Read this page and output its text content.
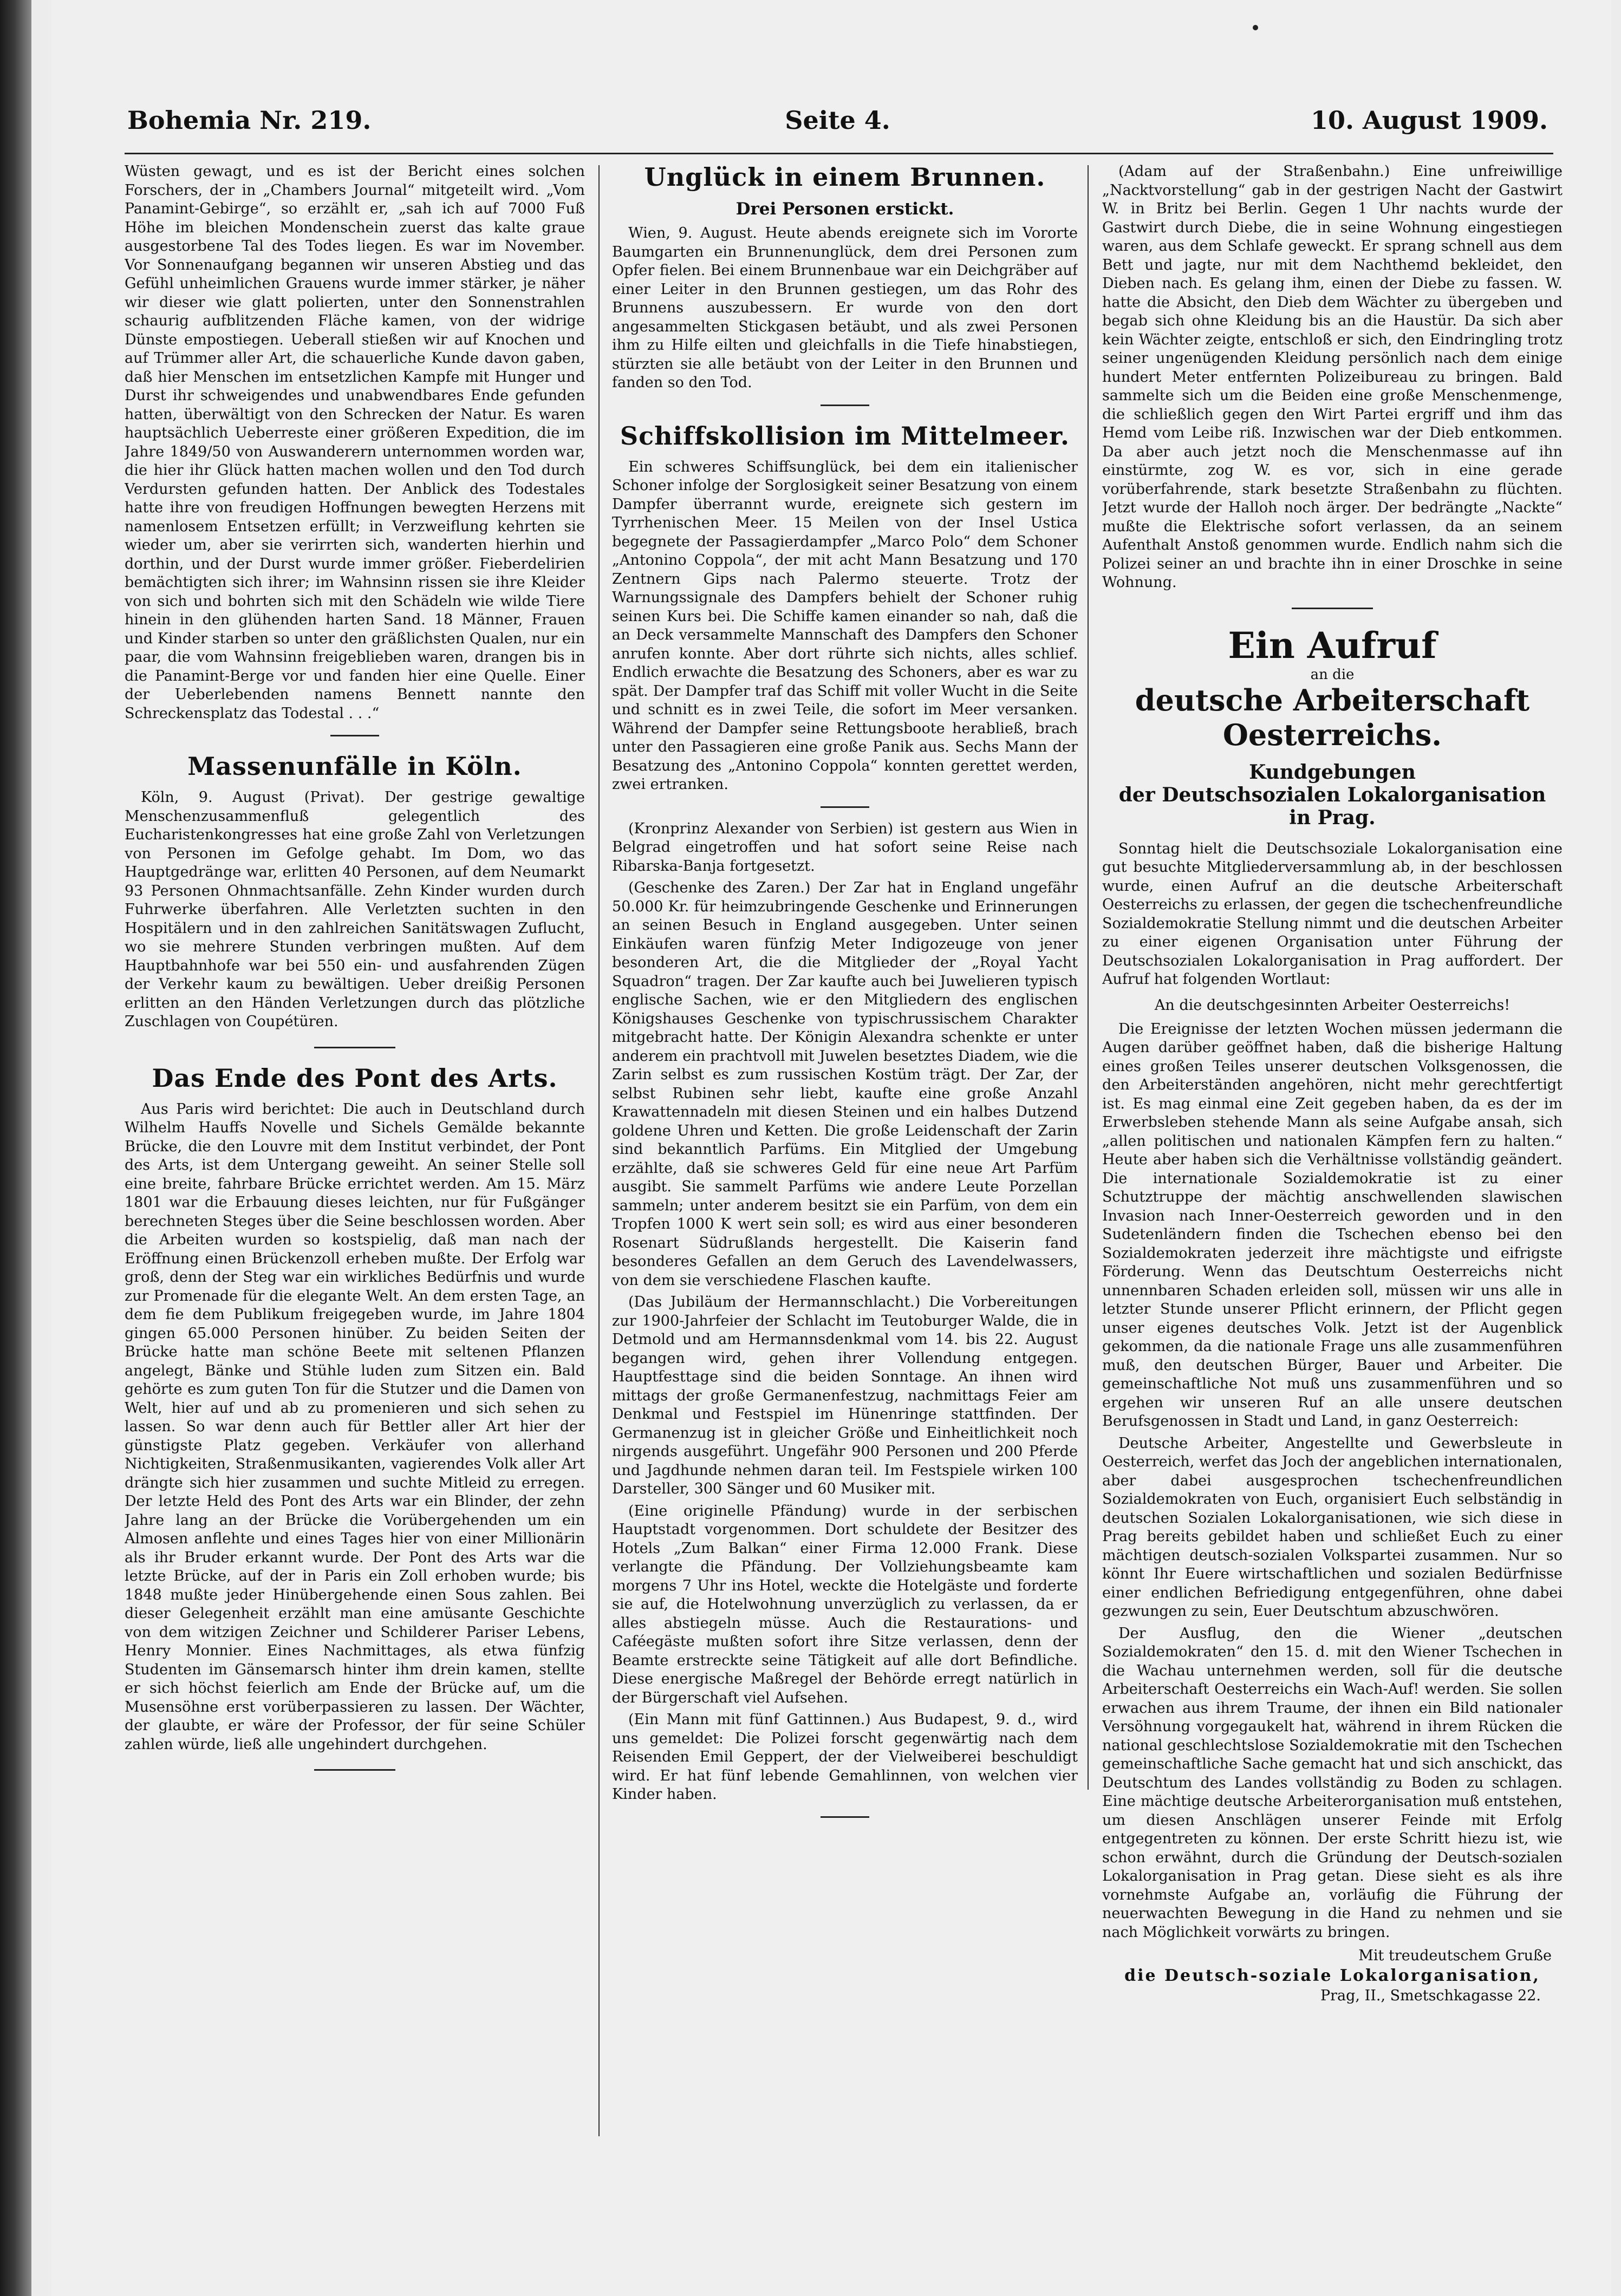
Bohemia Nr. 219.	Seite 4.	10. August 1909.

Wüsten gewagt, und es ist der Bericht eines solchen Forschers, der in „Chambers Journal“ mitgeteilt wird. „Vom Panamint-Gebirge“, so erzählt er, „sah ich auf 7000 Fuß Höhe im bleichen Mondenschein zuerst das kalte graue ausgestorbene Tal des Todes liegen. Es war im November. Vor Sonnenaufgang begannen wir unseren Abstieg und das Gefühl unheimlichen Grauens wurde immer stärker, je näher wir dieser wie glatt polierten, unter den Sonnenstrahlen schaurig aufblitzenden Fläche kamen, von der widrige Dünste empostiegen. Ueberall stießen wir auf Knochen und auf Trümmer aller Art, die schauerliche Kunde davon gaben, daß hier Menschen im entsetzlichen Kampfe mit Hunger und Durst ihr schweigendes und unabwendbares Ende gefunden hatten, überwältigt von den Schrecken der Natur. Es waren hauptsächlich Ueberreste einer größeren Expedition, die im Jahre 1849/50 von Auswanderern unternommen worden war, die hier ihr Glück hatten machen wollen und den Tod durch Verdursten gefunden hatten. Der Anblick des Todestales hatte ihre von freudigen Hoffnungen bewegten Herzens mit namenlosem Entsetzen erfüllt; in Verzweiflung kehrten sie wieder um, aber sie verirrten sich, wanderten hierhin und dorthin, und der Durst wurde immer größer. Fieberdelirien bemächtigten sich ihrer; im Wahnsinn rissen sie ihre Kleider von sich und bohrten sich mit den Schädeln wie wilde Tiere hinein in den glühenden harten Sand. 18 Männer, Frauen und Kinder starben so unter den gräßlichsten Qualen, nur ein paar, die vom Wahnsinn freigeblieben waren, drangen bis in die Panamint-Berge vor und fanden hier eine Quelle. Einer der Ueberlebenden namens Bennett nannte den Schreckensplatz das Todestal . . .“

Massenunfälle in Köln.

Köln, 9. August (Privat). Der gestrige gewaltige Menschenzusammenfluß gelegentlich des Eucharistenkongresses hat eine große Zahl von Verletzungen von Personen im Gefolge gehabt. Im Dom, wo das Hauptgedränge war, erlitten 40 Personen, auf dem Neumarkt 93 Personen Ohnmachtsanfälle. Zehn Kinder wurden durch Fuhrwerke überfahren. Alle Verletzten suchten in den Hospitälern und in den zahlreichen Sanitätswagen Zuflucht, wo sie mehrere Stunden verbringen mußten. Auf dem Hauptbahnhofe war bei 550 ein- und ausfahrenden Zügen der Verkehr kaum zu bewältigen. Ueber dreißig Personen erlitten an den Händen Verletzungen durch das plötzliche Zuschlagen von Coupétüren.

Das Ende des Pont des Arts.

Aus Paris wird berichtet: Die auch in Deutschland durch Wilhelm Hauffs Novelle und Sichels Gemälde bekannte Brücke, die den Louvre mit dem Institut verbindet, der Pont des Arts, ist dem Untergang geweiht. An seiner Stelle soll eine breite, fahrbare Brücke errichtet werden. Am 15. März 1801 war die Erbauung dieses leichten, nur für Fußgänger berechneten Steges über die Seine beschlossen worden. Aber die Arbeiten wurden so kostspielig, daß man nach der Eröffnung einen Brückenzoll erheben mußte. Der Erfolg war groß, denn der Steg war ein wirkliches Bedürfnis und wurde zur Promenade für die elegante Welt. An dem ersten Tage, an dem fie dem Publikum freigegeben wurde, im Jahre 1804 gingen 65.000 Personen hinüber. Zu beiden Seiten der Brücke hatte man schöne Beete mit seltenen Pflanzen angelegt, Bänke und Stühle luden zum Sitzen ein. Bald gehörte es zum guten Ton für die Stutzer und die Damen von Welt, hier auf und ab zu promenieren und sich sehen zu lassen. So war denn auch für Bettler aller Art hier der günstigste Platz gegeben. Verkäufer von allerhand Nichtigkeiten, Straßenmusikanten, vagierendes Volk aller Art drängte sich hier zusammen und suchte Mitleid zu erregen. Der letzte Held des Pont des Arts war ein Blinder, der zehn Jahre lang an der Brücke die Vorübergehenden um ein Almosen anflehte und eines Tages hier von einer Millionärin als ihr Bruder erkannt wurde. Der Pont des Arts war die letzte Brücke, auf der in Paris ein Zoll erhoben wurde; bis 1848 mußte jeder Hinübergehende einen Sous zahlen. Bei dieser Gelegenheit erzählt man eine amüsante Geschichte von dem witzigen Zeichner und Schilderer Pariser Lebens, Henry Monnier. Eines Nachmittages, als etwa fünfzig Studenten im Gänsemarsch hinter ihm drein kamen, stellte er sich höchst feierlich am Ende der Brücke auf, um die Musensöhne erst vorüberpassieren zu lassen. Der Wächter, der glaubte, er wäre der Professor, der für seine Schüler zahlen würde, ließ alle ungehindert durchgehen.

Unglück in einem Brunnen.
Drei Personen erstickt.

Wien, 9. August. Heute abends ereignete sich im Vororte Baumgarten ein Brunnenunglück, dem drei Personen zum Opfer fielen. Bei einem Brunnenbaue war ein Deichgräber auf einer Leiter in den Brunnen gestiegen, um das Rohr des Brunnens auszubessern. Er wurde von den dort angesammelten Stickgasen betäubt, und als zwei Personen ihm zu Hilfe eilten und gleichfalls in die Tiefe hinabstiegen, stürzten sie alle betäubt von der Leiter in den Brunnen und fanden so den Tod.

Schiffskollision im Mittelmeer.

Ein schweres Schiffsunglück, bei dem ein italienischer Schoner infolge der Sorglosigkeit seiner Besatzung von einem Dampfer überrannt wurde, ereignete sich gestern im Tyrrhenischen Meer. 15 Meilen von der Insel Ustica begegnete der Passagierdampfer „Marco Polo“ dem Schoner „Antonino Coppola“, der mit acht Mann Besatzung und 170 Zentnern Gips nach Palermo steuerte. Trotz der Warnungssignale des Dampfers behielt der Schoner ruhig seinen Kurs bei. Die Schiffe kamen einander so nah, daß die an Deck versammelte Mannschaft des Dampfers den Schoner anrufen konnte. Aber dort rührte sich nichts, alles schlief. Endlich erwachte die Besatzung des Schoners, aber es war zu spät. Der Dampfer traf das Schiff mit voller Wucht in die Seite und schnitt es in zwei Teile, die sofort im Meer versanken. Während der Dampfer seine Rettungsboote herabließ, brach unter den Passagieren eine große Panik aus. Sechs Mann der Besatzung des „Antonino Coppola“ konnten gerettet werden, zwei ertranken.

(Kronprinz Alexander von Serbien) ist gestern aus Wien in Belgrad eingetroffen und hat sofort seine Reise nach Ribarska-Banja fortgesetzt.

(Geschenke des Zaren.) Der Zar hat in England ungefähr 50.000 Kr. für heimzubringende Geschenke und Erinnerungen an seinen Besuch in England ausgegeben. Unter seinen Einkäufen waren fünfzig Meter Indigozeuge von jener besonderen Art, die die Mitglieder der „Royal Yacht Squadron“ tragen. Der Zar kaufte auch bei Juwelieren typisch englische Sachen, wie er den Mitgliedern des englischen Königshauses Geschenke von typischrussischem Charakter mitgebracht hatte. Der Königin Alexandra schenkte er unter anderem ein prachtvoll mit Juwelen besetztes Diadem, wie die Zarin selbst es zum russischen Kostüm trägt. Der Zar, der selbst Rubinen sehr liebt, kaufte eine große Anzahl Krawattennadeln mit diesen Steinen und ein halbes Dutzend goldene Uhren und Ketten. Die große Leidenschaft der Zarin sind bekanntlich Parfüms. Ein Mitglied der Umgebung erzählte, daß sie schweres Geld für eine neue Art Parfüm ausgibt. Sie sammelt Parfüms wie andere Leute Porzellan sammeln; unter anderem besitzt sie ein Parfüm, von dem ein Tropfen 1000 K wert sein soll; es wird aus einer besonderen Rosenart Südrußlands hergestellt. Die Kaiserin fand besonderes Gefallen an dem Geruch des Lavendelwassers, von dem sie verschiedene Flaschen kaufte.

(Das Jubiläum der Hermannschlacht.) Die Vorbereitungen zur 1900-Jahrfeier der Schlacht im Teutoburger Walde, die in Detmold und am Hermannsdenkmal vom 14. bis 22. August begangen wird, gehen ihrer Vollendung entgegen. Hauptfesttage sind die beiden Sonntage. An ihnen wird mittags der große Germanenfestzug, nachmittags Feier am Denkmal und Festspiel im Hünenringe stattfinden. Der Germanenzug ist in gleicher Größe und Einheitlichkeit noch nirgends ausgeführt. Ungefähr 900 Personen und 200 Pferde und Jagdhunde nehmen daran teil. Im Festspiele wirken 100 Darsteller, 300 Sänger und 60 Musiker mit.

(Eine originelle Pfändung) wurde in der serbischen Hauptstadt vorgenommen. Dort schuldete der Besitzer des Hotels „Zum Balkan“ einer Firma 12.000 Frank. Diese verlangte die Pfändung. Der Vollziehungsbeamte kam morgens 7 Uhr ins Hotel, weckte die Hotelgäste und forderte sie auf, die Hotelwohnung unverzüglich zu verlassen, da er alles abstiegeln müsse. Auch die Restaurations- und Caféegäste mußten sofort ihre Sitze verlassen, denn der Beamte erstreckte seine Tätigkeit auf alle dort Befindliche. Diese energische Maßregel der Behörde erregt natürlich in der Bürgerschaft viel Aufsehen.

(Ein Mann mit fünf Gattinnen.) Aus Budapest, 9. d., wird uns gemeldet: Die Polizei forscht gegenwärtig nach dem Reisenden Emil Geppert, der der Vielweiberei beschuldigt wird. Er hat fünf lebende Gemahlinnen, von welchen vier Kinder haben.

(Adam auf der Straßenbahn.) Eine unfreiwillige „Nacktvorstellung“ gab in der gestrigen Nacht der Gastwirt W. in Britz bei Berlin. Gegen 1 Uhr nachts wurde der Gastwirt durch Diebe, die in seine Wohnung eingestiegen waren, aus dem Schlafe geweckt. Er sprang schnell aus dem Bett und jagte, nur mit dem Nachthemd bekleidet, den Dieben nach. Es gelang ihm, einen der Diebe zu fassen. W. hatte die Absicht, den Dieb dem Wächter zu übergeben und begab sich ohne Kleidung bis an die Haustür. Da sich aber kein Wächter zeigte, entschloß er sich, den Eindringling trotz seiner ungenügenden Kleidung persönlich nach dem einige hundert Meter entfernten Polizeibureau zu bringen. Bald sammelte sich um die Beiden eine große Menschenmenge, die schließlich gegen den Wirt Partei ergriff und ihm das Hemd vom Leibe riß. Inzwischen war der Dieb entkommen. Da aber auch jetzt noch die Menschenmasse auf ihn einstürmte, zog W. es vor, sich in eine gerade vorüberfahrende, stark besetzte Straßenbahn zu flüchten. Jetzt wurde der Halloh noch ärger. Der bedrängte „Nackte“ mußte die Elektrische sofort verlassen, da an seinem Aufenthalt Anstoß genommen wurde. Endlich nahm sich die Polizei seiner an und brachte ihn in einer Droschke in seine Wohnung.

Ein Aufruf
an die
deutsche Arbeiterschaft Oesterreichs.
Kundgebungen
der Deutschsozialen Lokalorganisation
in Prag.

Sonntag hielt die Deutschsoziale Lokalorganisation eine gut besuchte Mitgliederversammlung ab, in der beschlossen wurde, einen Aufruf an die deutsche Arbeiterschaft Oesterreichs zu erlassen, der gegen die tschechenfreundliche Sozialdemokratie Stellung nimmt und die deutschen Arbeiter zu einer eigenen Organisation unter Führung der Deutschsozialen Lokalorganisation in Prag auffordert. Der Aufruf hat folgenden Wortlaut:

An die deutschgesinnten Arbeiter Oesterreichs!

Die Ereignisse der letzten Wochen müssen jedermann die Augen darüber geöffnet haben, daß die bisherige Haltung eines großen Teiles unserer deutschen Volksgenossen, die den Arbeiterständen angehören, nicht mehr gerechtfertigt ist. Es mag einmal eine Zeit gegeben haben, da es der im Erwerbsleben stehende Mann als seine Aufgabe ansah, sich „allen politischen und nationalen Kämpfen fern zu halten.“ Heute aber haben sich die Verhältnisse vollständig geändert. Die internationale Sozialdemokratie ist zu einer Schutztruppe der mächtig anschwellenden slawischen Invasion nach Inner-Oesterreich geworden und in den Sudetenländern finden die Tschechen ebenso bei den Sozialdemokraten jederzeit ihre mächtigste und eifrigste Förderung. Wenn das Deutschtum Oesterreichs nicht unnennbaren Schaden erleiden soll, müssen wir uns alle in letzter Stunde unserer Pflicht erinnern, der Pflicht gegen unser eigenes deutsches Volk. Jetzt ist der Augenblick gekommen, da die nationale Frage uns alle zusammenführen muß, den deutschen Bürger, Bauer und Arbeiter. Die gemeinschaftliche Not muß uns zusammenführen und so ergehen wir unseren Ruf an alle unsere deutschen Berufsgenossen in Stadt und Land, in ganz Oesterreich:

Deutsche Arbeiter, Angestellte und Gewerbsleute in Oesterreich, werfet das Joch der angeblichen internationalen, aber dabei ausgesprochen tschechenfreundlichen Sozialdemokraten von Euch, organisiert Euch selbständig in deutschen Sozialen Lokalorganisationen, wie sich diese in Prag bereits gebildet haben und schließet Euch zu einer mächtigen deutsch-sozialen Volkspartei zusammen. Nur so könnt Ihr Euere wirtschaftlichen und sozialen Bedürfnisse einer endlichen Befriedigung entgegenführen, ohne dabei gezwungen zu sein, Euer Deutschtum abzuschwören.

Der Ausflug, den die Wiener „deutschen Sozialdemokraten“ den 15. d. mit den Wiener Tschechen in die Wachau unternehmen werden, soll für die deutsche Arbeiterschaft Oesterreichs ein Wach-Auf! werden. Sie sollen erwachen aus ihrem Traume, der ihnen ein Bild nationaler Versöhnung vorgegaukelt hat, während in ihrem Rücken die national geschlechtslose Sozialdemokratie mit den Tschechen gemeinschaftliche Sache gemacht hat und sich anschickt, das Deutschtum des Landes vollständig zu Boden zu schlagen. Eine mächtige deutsche Arbeiterorganisation muß entstehen, um diesen Anschlägen unserer Feinde mit Erfolg entgegentreten zu können. Der erste Schritt hiezu ist, wie schon erwähnt, durch die Gründung der Deutsch-sozialen Lokalorganisation in Prag getan. Diese sieht es als ihre vornehmste Aufgabe an, vorläufig die Führung der neuerwachten Bewegung in die Hand zu nehmen und sie nach Möglichkeit vorwärts zu bringen.

Mit treudeutschem Gruße
die Deutsch-soziale Lokalorganisation,
Prag, II., Smetschkagasse 22.
